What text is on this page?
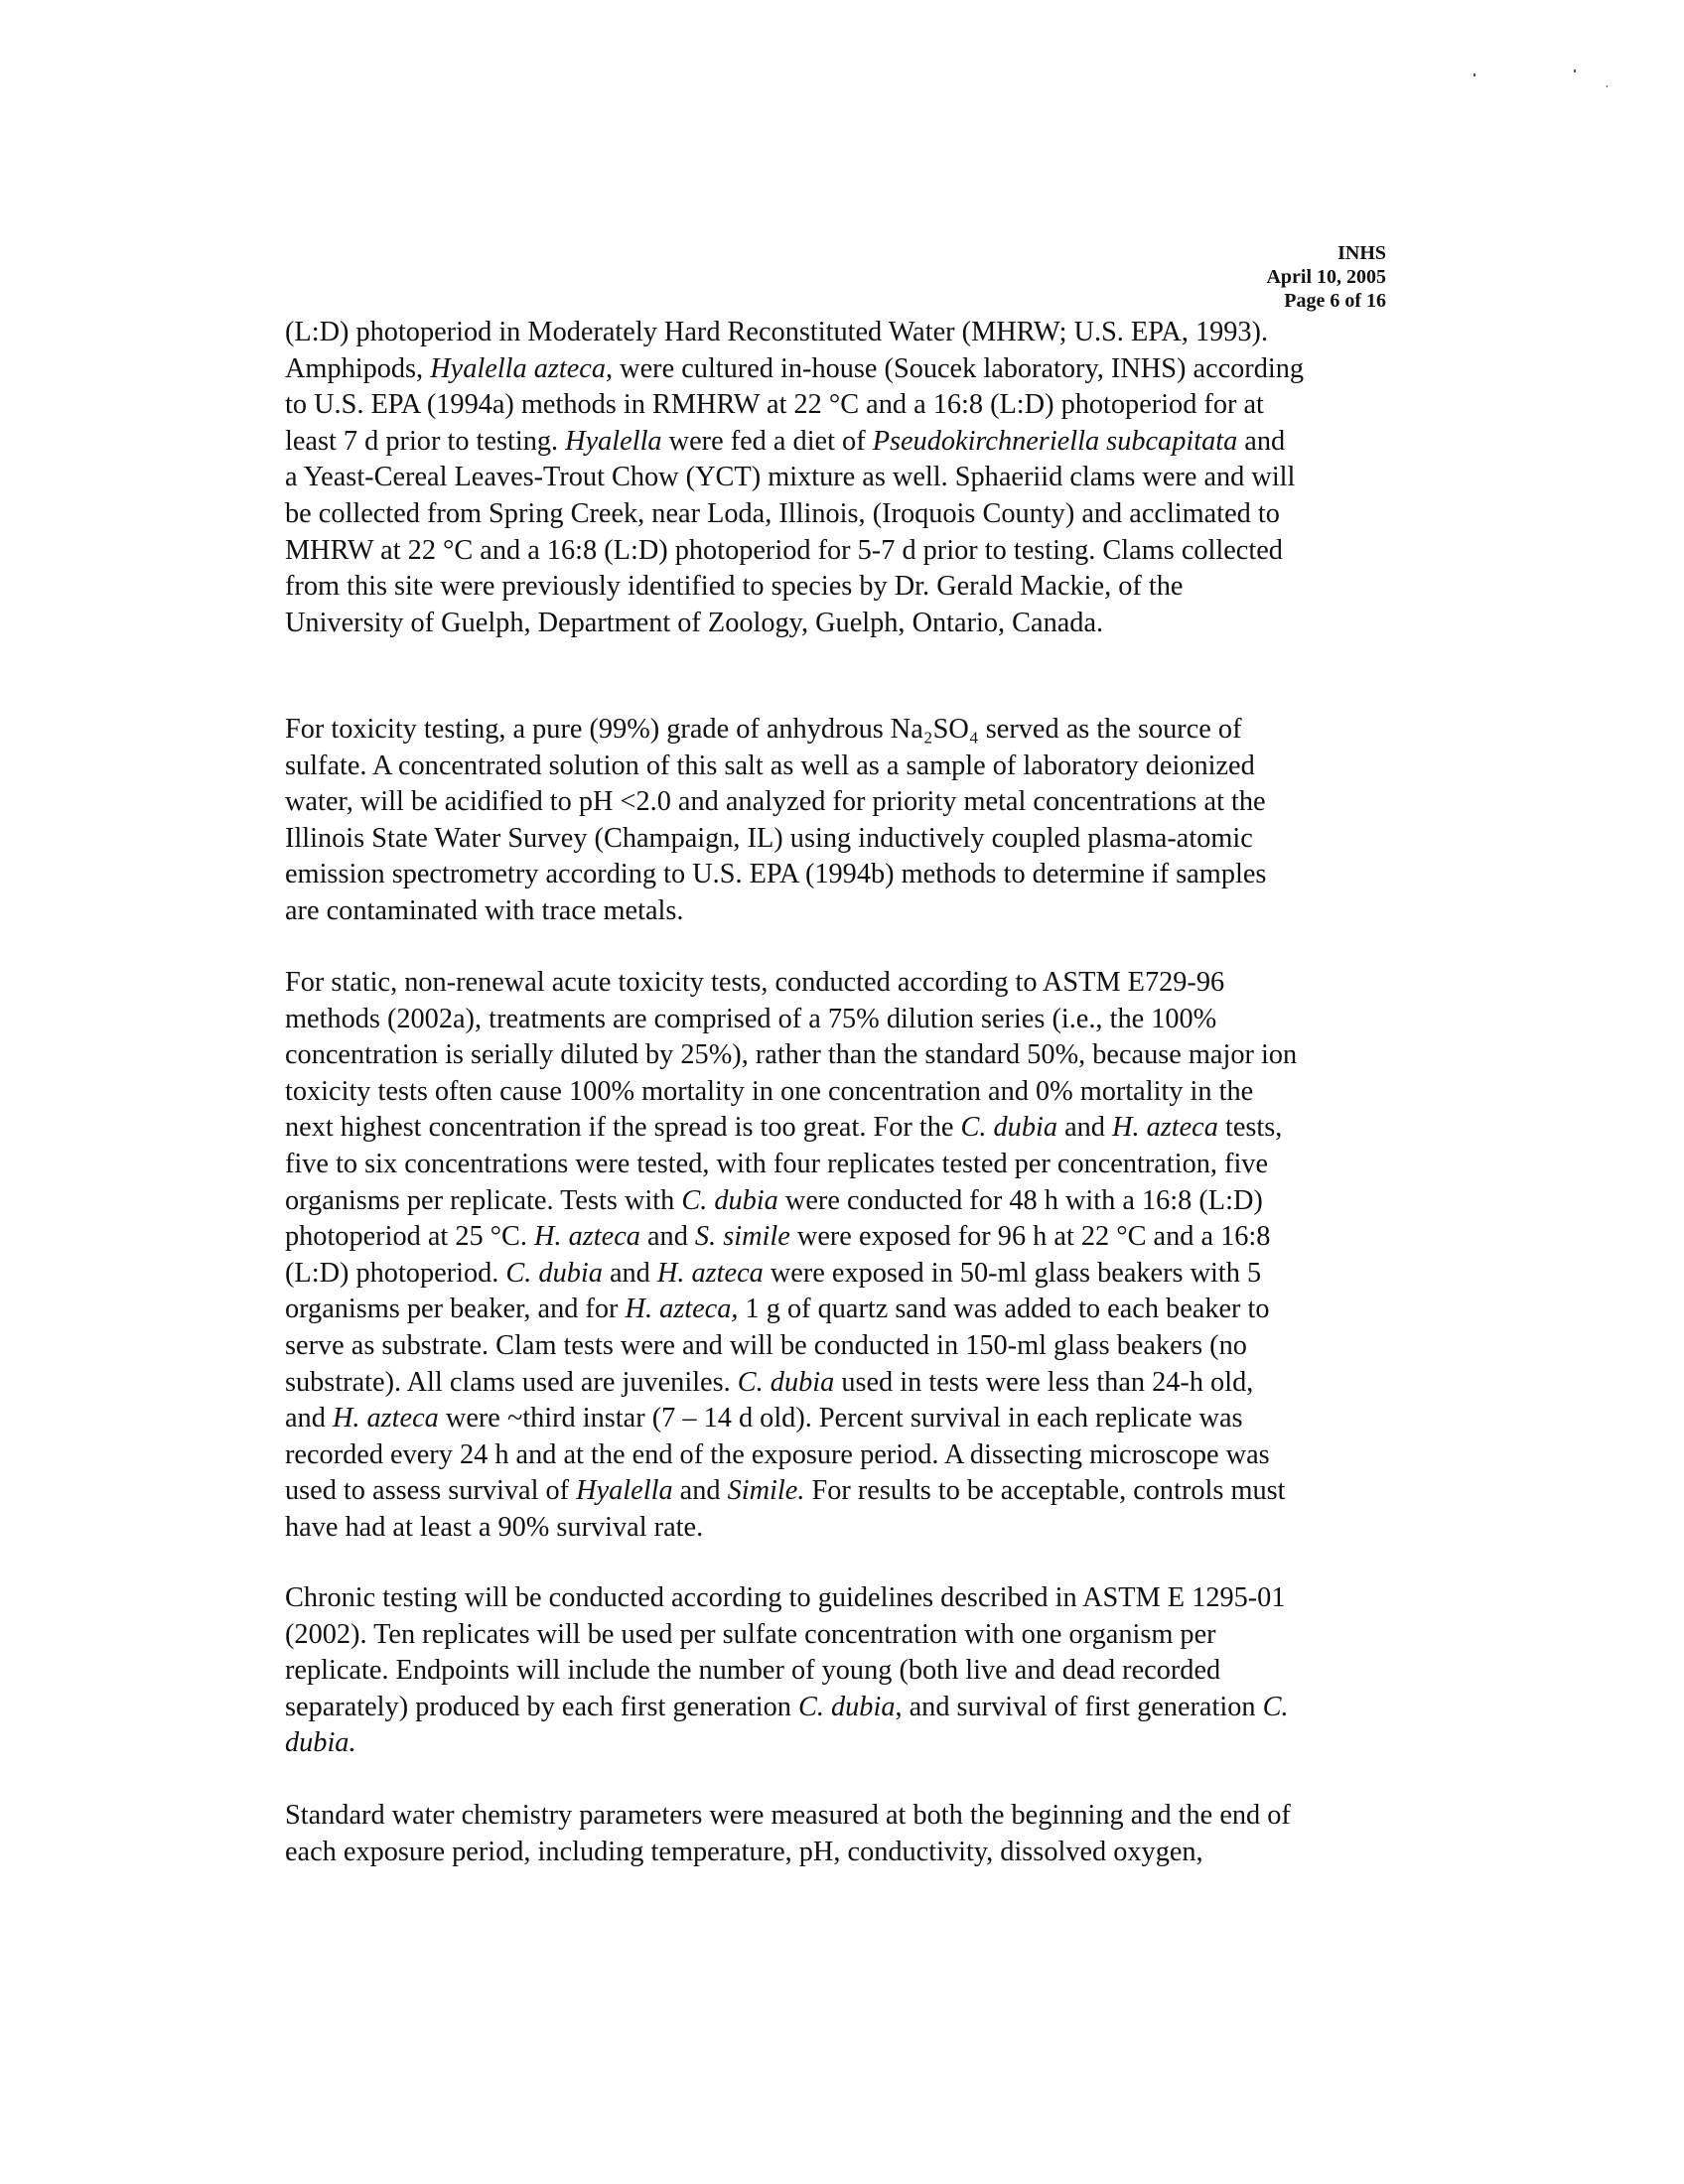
INHS
April 10, 2005
Page 6 of 16
(L:D) photoperiod in Moderately Hard Reconstituted Water (MHRW; U.S. EPA, 1993).
Amphipods, Hyalella azteca, were cultured in-house (Soucek laboratory, INHS) according
to U.S. EPA (1994a) methods in RMHRW at 22 °C and a 16:8 (L:D) photoperiod for at
least 7 d prior to testing. Hyalella were fed a diet of Pseudokirchneriella subcapitata and
a Yeast-Cereal Leaves-Trout Chow (YCT) mixture as well. Sphaeriid clams were and will
be collected from Spring Creek, near Loda, Illinois, (Iroquois County) and acclimated to
MHRW at 22 °C and a 16:8 (L:D) photoperiod for 5-7 d prior to testing. Clams collected
from this site were previously identified to species by Dr. Gerald Mackie, of the
University of Guelph, Department of Zoology, Guelph, Ontario, Canada.
For toxicity testing, a pure (99%) grade of anhydrous Na₂SO₄ served as the source of
sulfate. A concentrated solution of this salt as well as a sample of laboratory deionized
water, will be acidified to pH <2.0 and analyzed for priority metal concentrations at the
Illinois State Water Survey (Champaign, IL) using inductively coupled plasma-atomic
emission spectrometry according to U.S. EPA (1994b) methods to determine if samples
are contaminated with trace metals.
For static, non-renewal acute toxicity tests, conducted according to ASTM E729-96
methods (2002a), treatments are comprised of a 75% dilution series (i.e., the 100%
concentration is serially diluted by 25%), rather than the standard 50%, because major ion
toxicity tests often cause 100% mortality in one concentration and 0% mortality in the
next highest concentration if the spread is too great. For the C. dubia and H. azteca tests,
five to six concentrations were tested, with four replicates tested per concentration, five
organisms per replicate. Tests with C. dubia were conducted for 48 h with a 16:8 (L:D)
photoperiod at 25 °C. H. azteca and S. simile were exposed for 96 h at 22 °C and a 16:8
(L:D) photoperiod. C. dubia and H. azteca were exposed in 50-ml glass beakers with 5
organisms per beaker, and for H. azteca, 1 g of quartz sand was added to each beaker to
serve as substrate. Clam tests were and will be conducted in 150-ml glass beakers (no
substrate). All clams used are juveniles. C. dubia used in tests were less than 24-h old,
and H. azteca were ~third instar (7 – 14 d old). Percent survival in each replicate was
recorded every 24 h and at the end of the exposure period. A dissecting microscope was
used to assess survival of Hyalella and Simile. For results to be acceptable, controls must
have had at least a 90% survival rate.
Chronic testing will be conducted according to guidelines described in ASTM E 1295-01
(2002). Ten replicates will be used per sulfate concentration with one organism per
replicate. Endpoints will include the number of young (both live and dead recorded
separately) produced by each first generation C. dubia, and survival of first generation C.
dubia.
Standard water chemistry parameters were measured at both the beginning and the end of
each exposure period, including temperature, pH, conductivity, dissolved oxygen,
